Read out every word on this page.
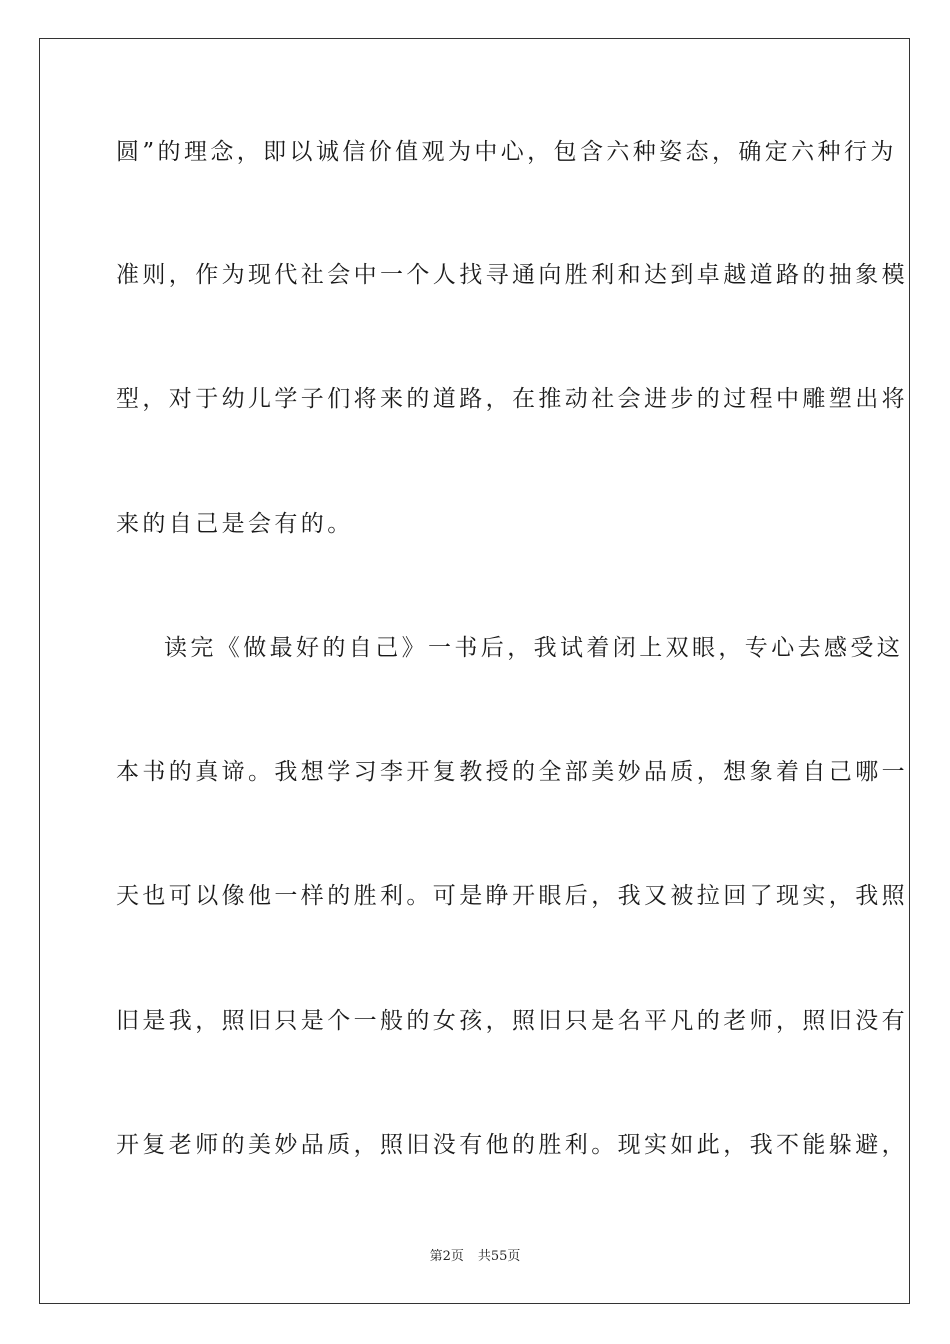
圆”的理念，即以诚信价值观为中心，包含六种姿态，确定六种行为
准则，作为现代社会中一个人找寻通向胜利和达到卓越道路的抽象模
型，对于幼儿学子们将来的道路，在推动社会进步的过程中雕塑出将
来的自己是会有的。
读完《做最好的自己》一书后，我试着闭上双眼，专心去感受这
本书的真谛。我想学习李开复教授的全部美妙品质，想象着自己哪一
天也可以像他一样的胜利。可是睁开眼后，我又被拉回了现实，我照
旧是我，照旧只是个一般的女孩，照旧只是名平凡的老师，照旧没有
开复老师的美妙品质，照旧没有他的胜利。现实如此，我不能躲避，
第2页 共55页
